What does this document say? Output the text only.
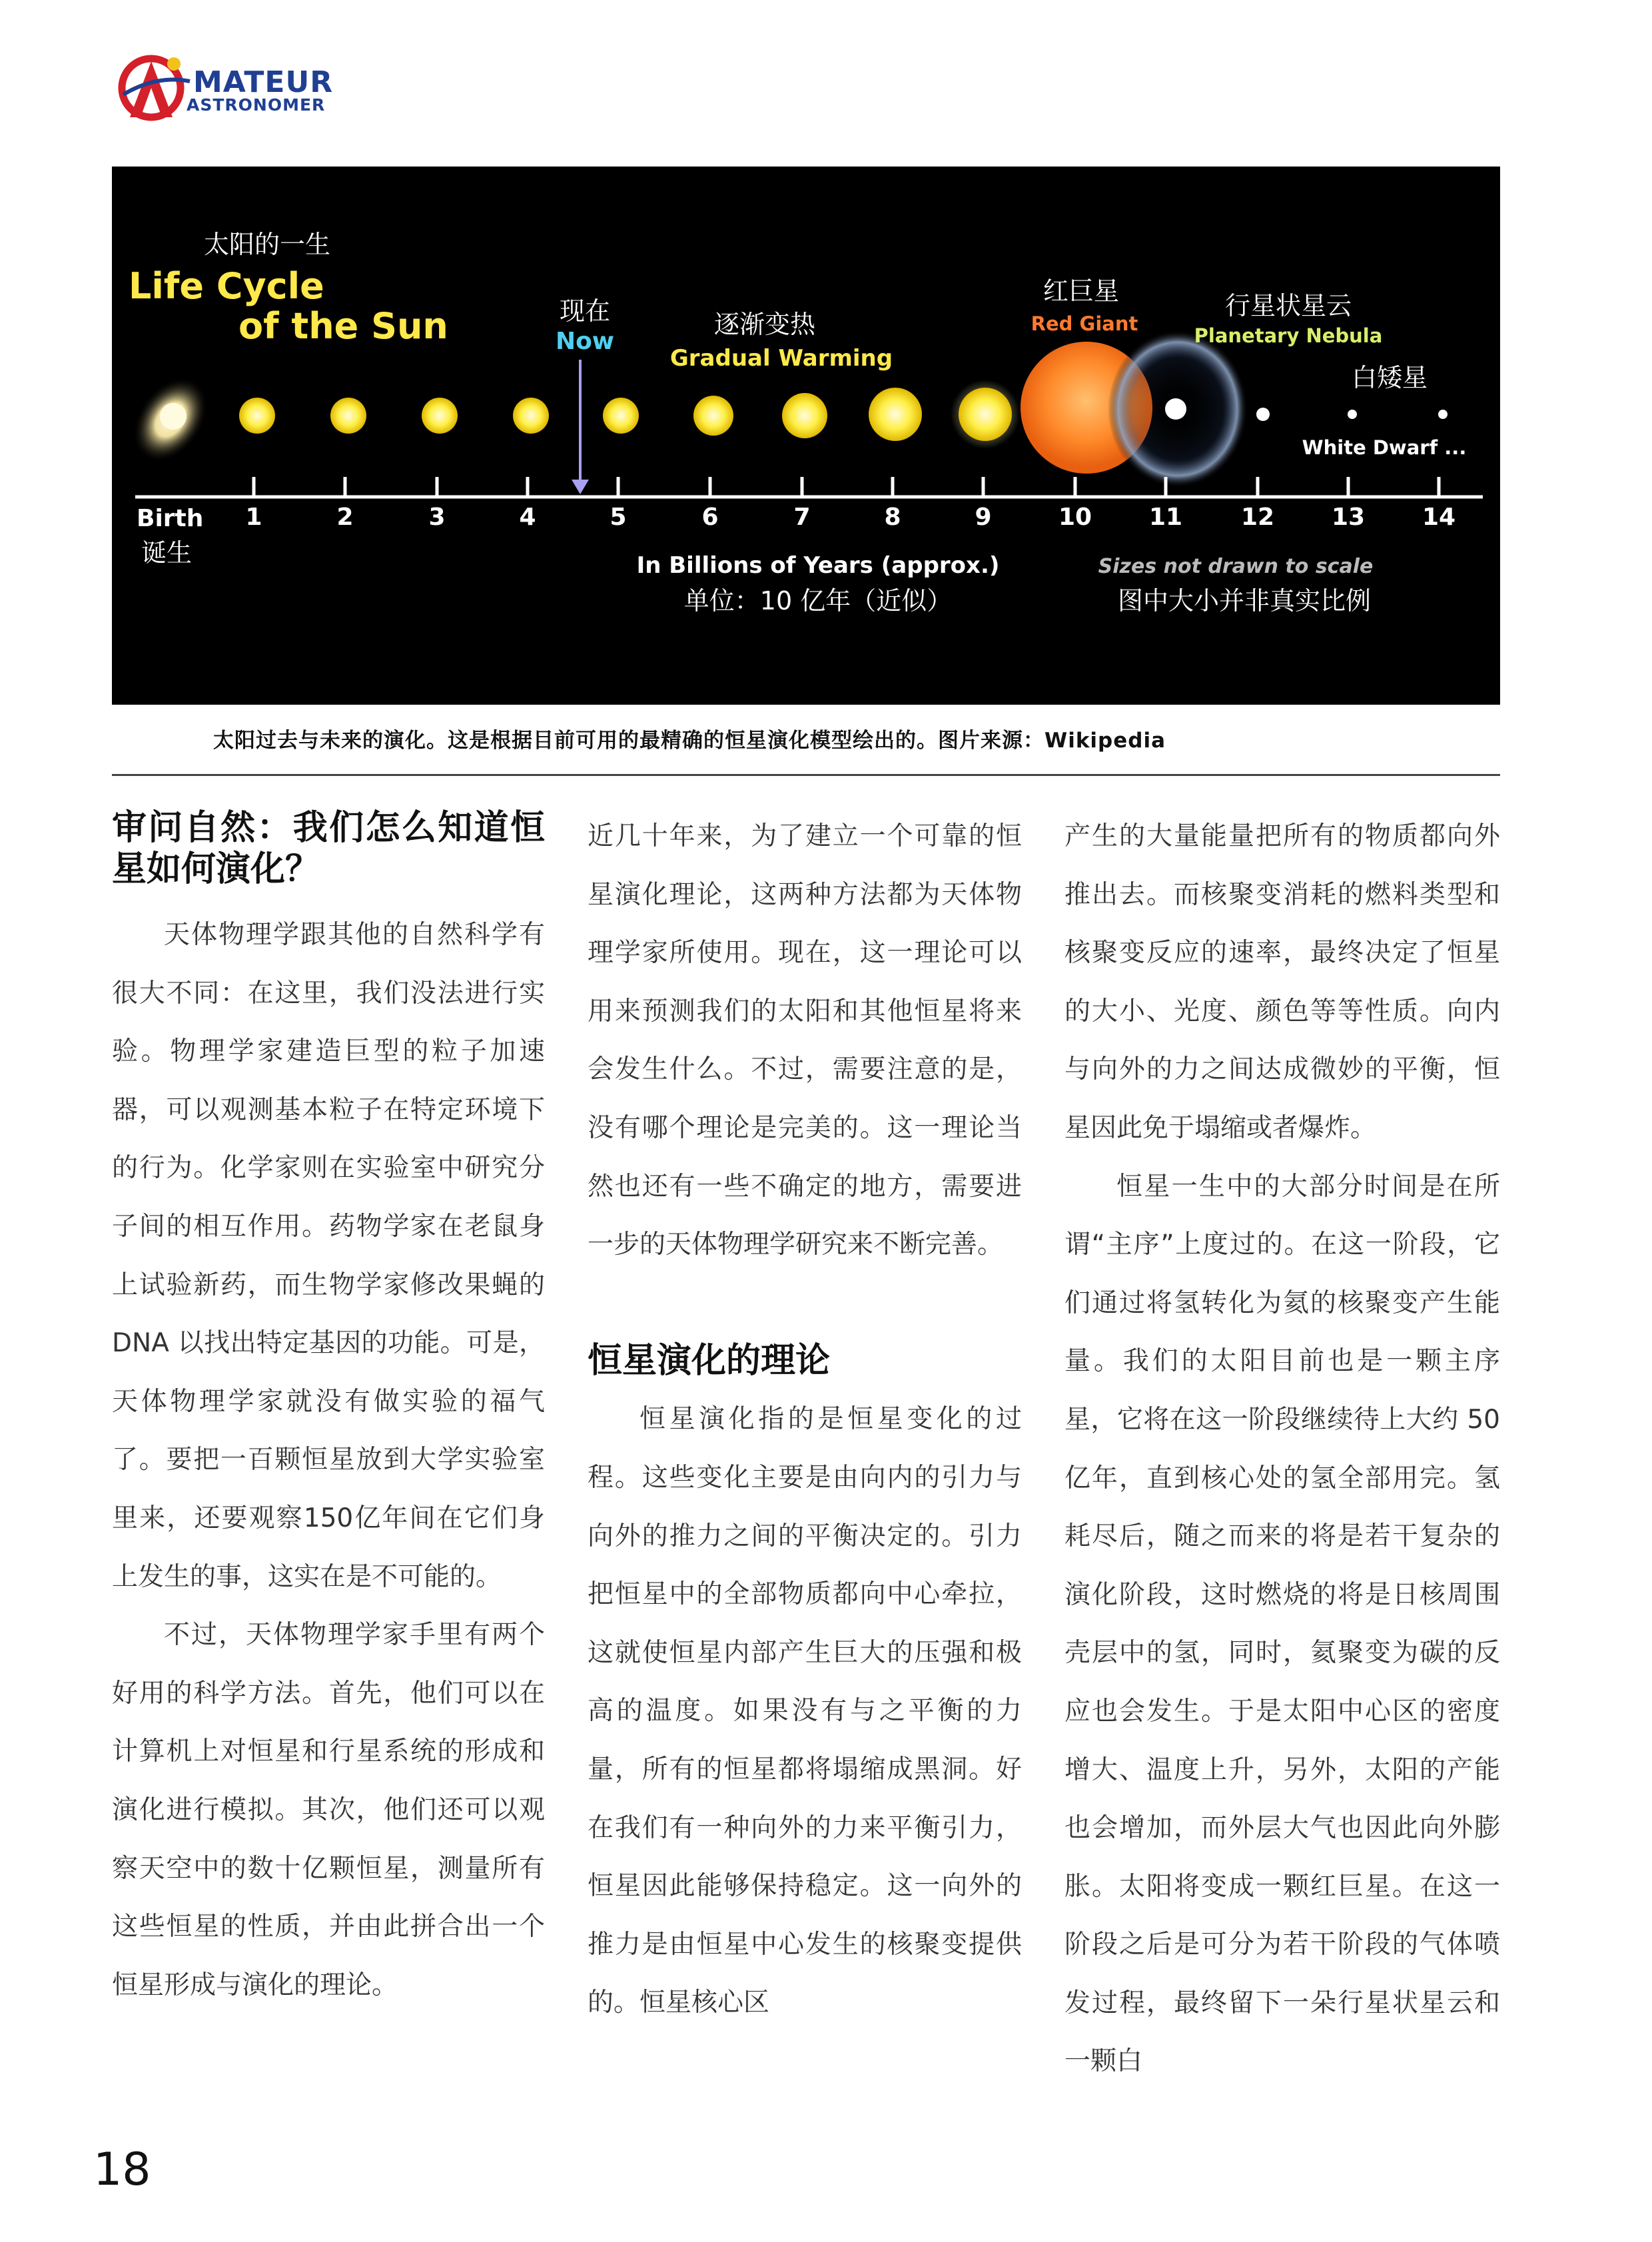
MATEUR
ASTRONOMER
1	2	3	4	5	6	7	8	9	10 11 12 13 14
太阳的一生
Life Cycle
of the Sun	现在
Now
逐渐变热
Gradual Warming
红巨星
Red Giant
行星状星云
Planetary Nebula
白矮星
White Dwarf ...
Birth
诞生	In Billions of Years (approx.)
单位：10 亿年（近似）
Sizes not drawn to scale
图中大小并非真实比例
太阳过去与未来的演化。这是根据目前可用的最精确的恒星演化模型绘出的。图片来源：Wikipedia
审问自然：我们怎么知道恒星如何演化？

天体物理学跟其他的自然科学有很大不同：在这里，我们没法进行实验。物理学家建造巨型的粒子加速器，可以观测基本粒子在特定环境下的行为。化学家则在实验室中研究分子间的相互作用。药物学家在老鼠身上试验新药，而生物学家修改果蝇的 DNA 以找出特定基因的功能。可是，天体物理学家就没有做实验的福气了。要把一百颗恒星放到大学实验室里来，还要观察150亿年间在它们身上发生的事，这实在是不可能的。

不过，天体物理学家手里有两个好用的科学方法。首先，他们可以在计算机上对恒星和行星系统的形成和演化进行模拟。其次，他们还可以观察天空中的数十亿颗恒星，测量所有这些恒星的性质，并由此拼合出一个恒星形成与演化的理论。

近几十年来，为了建立一个可靠的恒星演化理论，这两种方法都为天体物理学家所使用。现在，这一理论可以用来预测我们的太阳和其他恒星将来会发生什么。不过，需要注意的是，没有哪个理论是完美的。这一理论当然也还有一些不确定的地方，需要进一步的天体物理学研究来不断完善。

恒星演化的理论

恒星演化指的是恒星变化的过程。这些变化主要是由向内的引力与向外的推力之间的平衡决定的。引力把恒星中的全部物质都向中心牵拉，这就使恒星内部产生巨大的压强和极高的温度。如果没有与之平衡的力量，所有的恒星都将塌缩成黑洞。好在我们有一种向外的力来平衡引力，恒星因此能够保持稳定。这一向外的推力是由恒星中心发生的核聚变提供的。恒星核心区

产生的大量能量把所有的物质都向外推出去。而核聚变消耗的燃料类型和核聚变反应的速率，最终决定了恒星的大小、光度、颜色等等性质。向内与向外的力之间达成微妙的平衡，恒星因此免于塌缩或者爆炸。

恒星一生中的大部分时间是在所谓“主序”上度过的。在这一阶段，它们通过将氢转化为氦的核聚变产生能量。我们的太阳目前也是一颗主序星，它将在这一阶段继续待上大约 50 亿年，直到核心处的氢全部用完。氢耗尽后，随之而来的将是若干复杂的演化阶段，这时燃烧的将是日核周围壳层中的氢，同时，氦聚变为碳的反应也会发生。于是太阳中心区的密度增大、温度上升，另外，太阳的产能也会增加，而外层大气也因此向外膨胀。太阳将变成一颗红巨星。在这一阶段之后是可分为若干阶段的气体喷发过程，最终留下一朵行星状星云和一颗白

18
